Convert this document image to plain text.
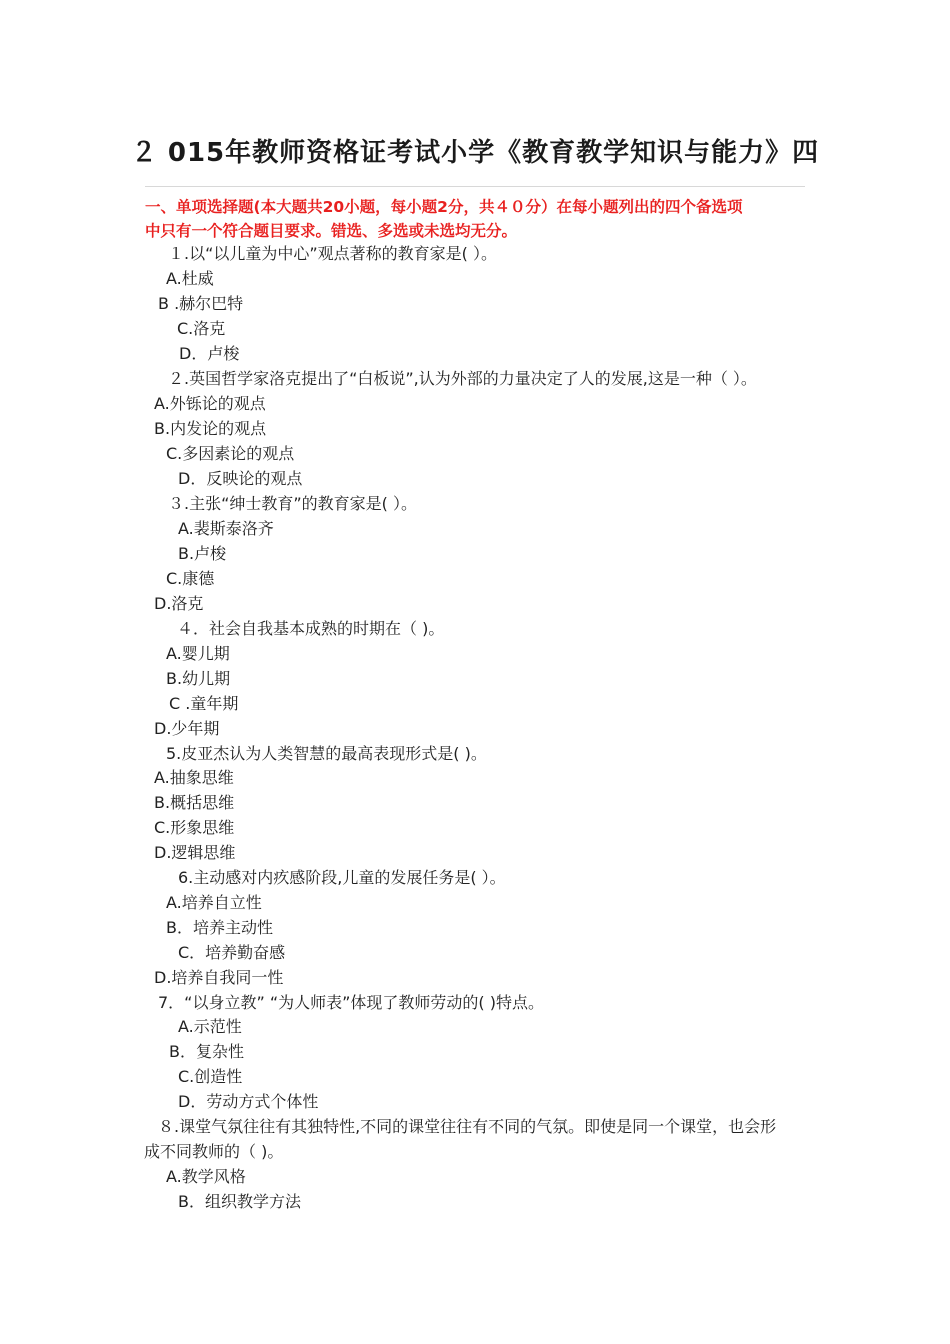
２ 015年教师资格证考试小学《教育教学知识与能力》四
一、单项选择题(本大题共20小题，每小题2分，共４０分）在每小题列出的四个备选项
中只有一个符合题目要求。错选、多选或未选均无分。
１.以“以儿童为中心”观点著称的教育家是( ）。
A.杜威
B .赫尔巴特
C.洛克
D．卢梭
２.英国哲学家洛克提出了“白板说”,认为外部的力量决定了人的发展,这是一种（ ）。
A.外铄论的观点
B.内发论的观点
C.多因素论的观点
D．反映论的观点
３.主张“绅士教育”的教育家是( ）。
A.裴斯泰洛齐
B.卢梭
C.康德
D.洛克
４．社会自我基本成熟的时期在（ )。
A.婴儿期
B.幼儿期
C .童年期
D.少年期
5.皮亚杰认为人类智慧的最高表现形式是( )。
A.抽象思维
B.概括思维
C.形象思维
D.逻辑思维
6.主动感对内疚感阶段,儿童的发展任务是( ）。
A.培养自立性
B．培养主动性
C．培养勤奋感
D.培养自我同一性
7．“以身立教” “为人师表”体现了教师劳动的( )特点。
A.示范性
B．复杂性
C.创造性
D．劳动方式个体性
８.课堂气氛往往有其独特性,不同的课堂往往有不同的气氛。即使是同一个课堂，也会形
成不同教师的（ )。
A.教学风格
B．组织教学方法
